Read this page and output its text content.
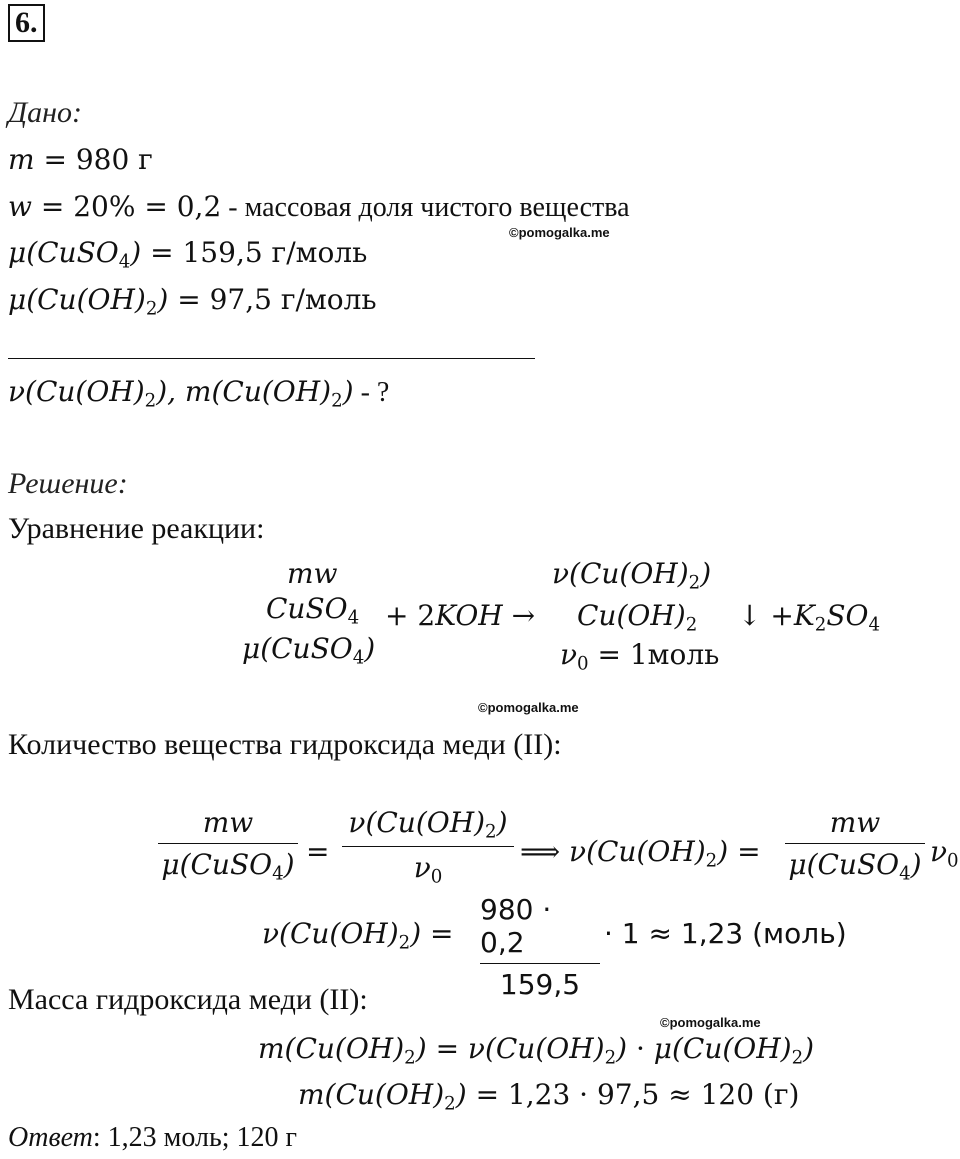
6.
Дано:
m = 980 г
w = 20% = 0,2 - массовая доля чистого вещества
©pomogalka.me
μ(CuSO$_4$) = 159,5 г/моль
$\mu(Cu(OH)_2) = 97,5$ г/моль
$\nu(Cu(OH)_2)$, $m(Cu(OH)_2)$ - ?
Решение:
Уравнение реакции:
mw
CuSO$_4$
μ(CuSO$_4$)
+ 2KOH →
$\nu(Cu(OH)_2)$
$Cu(OH)_2$
$\nu_0$ = 1моль
↓ $+K_2SO_4$
©pomogalka.me
Количество вещества гидроксида меди (II):
mw
μ(CuSO$_4$) =
$\nu(Cu(OH)_2)$
$\nu_0$
⟹ $\nu(Cu(OH)_2)$ =
mw
μ(CuSO$_4$) $\nu_0$
$\nu(Cu(OH)_2)$ =
980 · 0,2
159,5
· 1 ≈ 1,23 (моль)
Масса гидроксида меди (II):
©pomogalka.me
$m(Cu(OH)_2) = \nu(Cu(OH)_2) \cdot \mu(Cu(OH)_2)$
$m(Cu(OH)_2) = 1,23 \cdot 97,5 \approx 120$ (г)
Ответ: 1,23 моль; 120 г
